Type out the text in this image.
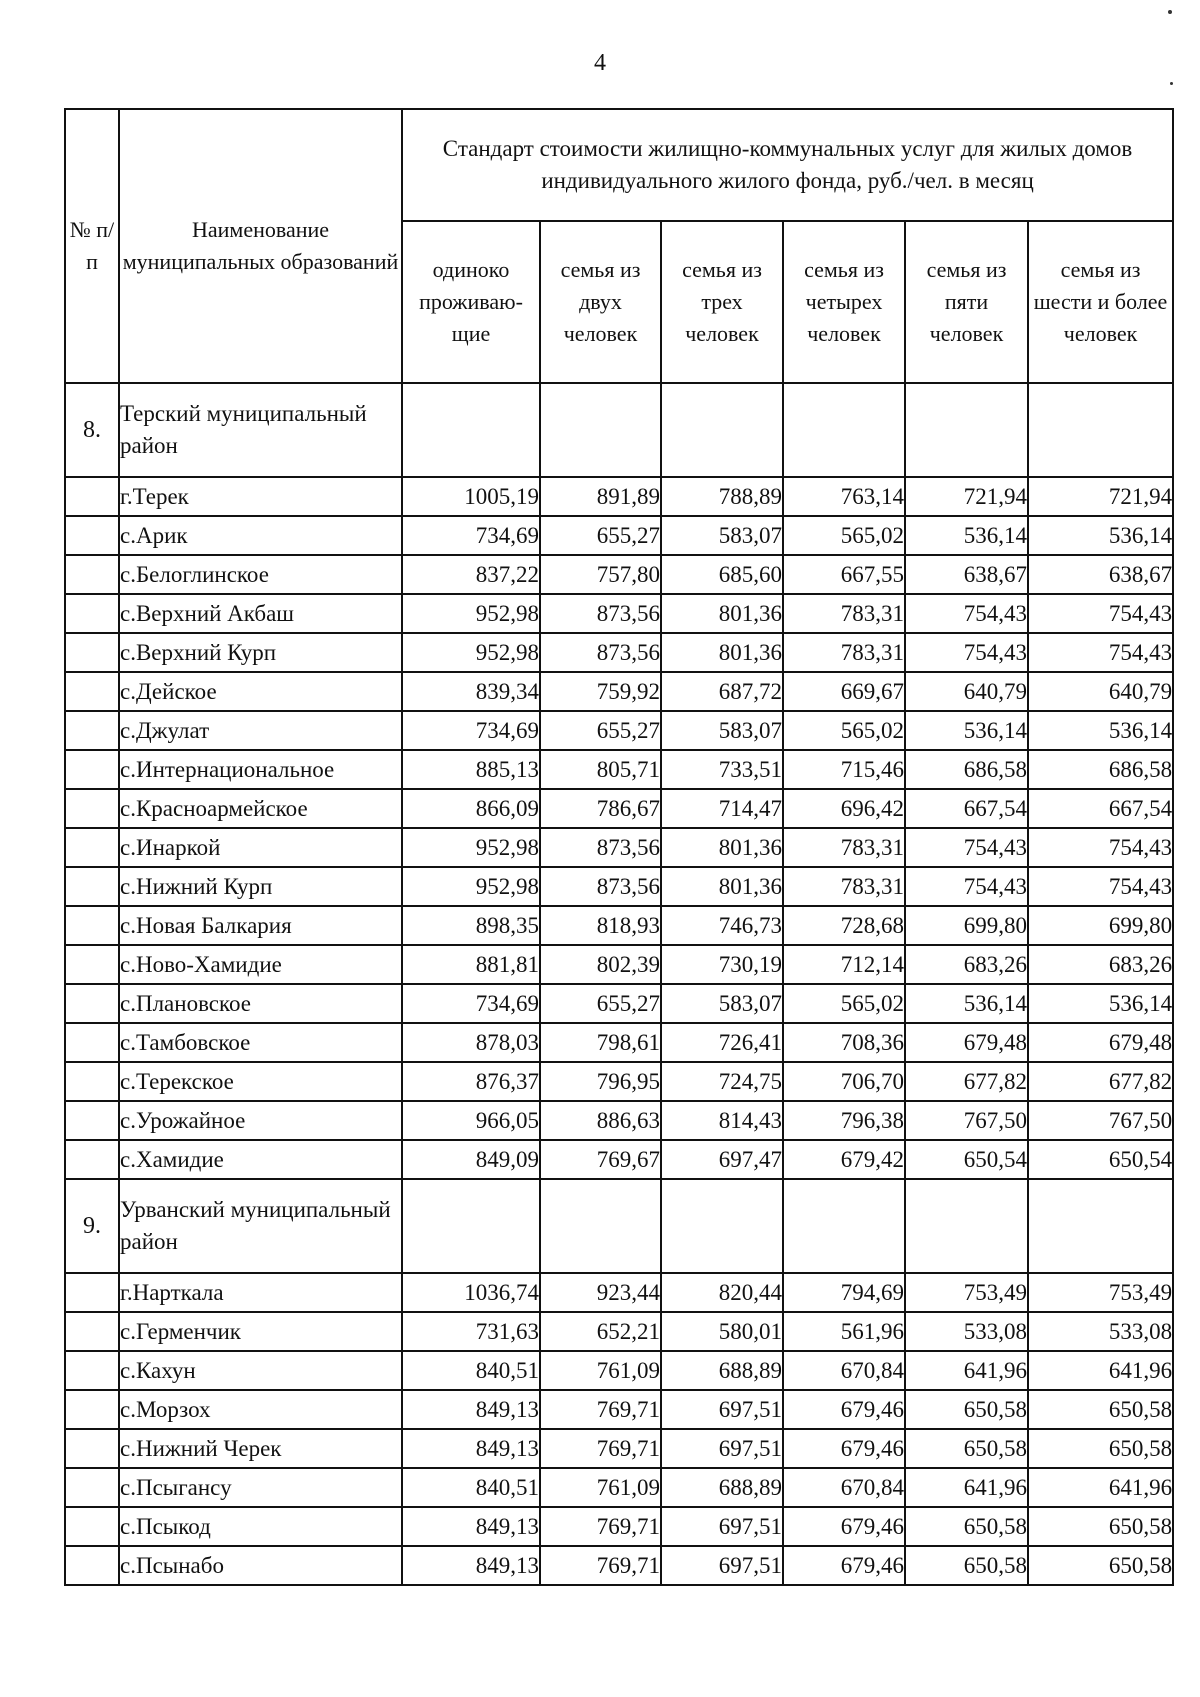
4
№ п/п	Наименование муниципальных образований	Стандарт стоимости жилищно-коммунальных услуг для жилых домов индивидуального жилого фонда, руб./чел. в месяц					
		одиноко проживаю-щие	семья из двух человек	семья из трех человек	семья из четырех человек	семья из пяти человек	семья из шести и более человек
8.	Терский муниципальный район						
	г.Терек	1005,19	891,89	788,89	763,14	721,94	721,94
	с.Арик	734,69	655,27	583,07	565,02	536,14	536,14
	с.Белоглинское	837,22	757,80	685,60	667,55	638,67	638,67
	с.Верхний Акбаш	952,98	873,56	801,36	783,31	754,43	754,43
	с.Верхний Курп	952,98	873,56	801,36	783,31	754,43	754,43
	с.Дейское	839,34	759,92	687,72	669,67	640,79	640,79
	с.Джулат	734,69	655,27	583,07	565,02	536,14	536,14
	с.Интернациональное	885,13	805,71	733,51	715,46	686,58	686,58
	с.Красноармейское	866,09	786,67	714,47	696,42	667,54	667,54
	с.Инаркой	952,98	873,56	801,36	783,31	754,43	754,43
	с.Нижний Курп	952,98	873,56	801,36	783,31	754,43	754,43
	с.Новая Балкария	898,35	818,93	746,73	728,68	699,80	699,80
	с.Ново-Хамидие	881,81	802,39	730,19	712,14	683,26	683,26
	с.Плановское	734,69	655,27	583,07	565,02	536,14	536,14
	с.Тамбовское	878,03	798,61	726,41	708,36	679,48	679,48
	с.Терекское	876,37	796,95	724,75	706,70	677,82	677,82
	с.Урожайное	966,05	886,63	814,43	796,38	767,50	767,50
	с.Хамидие	849,09	769,67	697,47	679,42	650,54	650,54
9.	Урванский муниципальный район						
	г.Нарткала	1036,74	923,44	820,44	794,69	753,49	753,49
	с.Герменчик	731,63	652,21	580,01	561,96	533,08	533,08
	с.Кахун	840,51	761,09	688,89	670,84	641,96	641,96
	с.Морзох	849,13	769,71	697,51	679,46	650,58	650,58
	с.Нижний Черек	849,13	769,71	697,51	679,46	650,58	650,58
	с.Псыгансу	840,51	761,09	688,89	670,84	641,96	641,96
	с.Псыкод	849,13	769,71	697,51	679,46	650,58	650,58
	с.Псынабо	849,13	769,71	697,51	679,46	650,58	650,58
